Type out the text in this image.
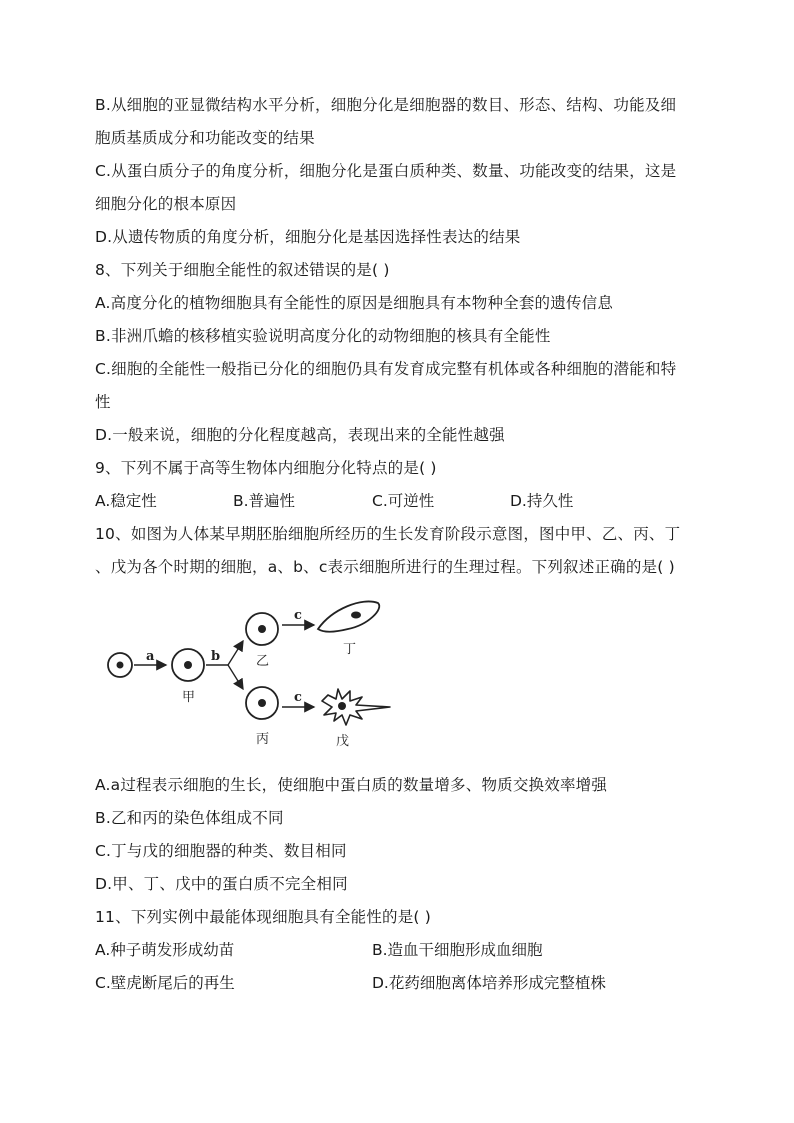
B.从细胞的亚显微结构水平分析，细胞分化是细胞器的数目、形态、结构、功能及细
胞质基质成分和功能改变的结果
C.从蛋白质分子的角度分析，细胞分化是蛋白质种类、数量、功能改变的结果，这是
细胞分化的根本原因
D.从遗传物质的角度分析，细胞分化是基因选择性表达的结果
8、下列关于细胞全能性的叙述错误的是( )
A.高度分化的植物细胞具有全能性的原因是细胞具有本物种全套的遗传信息
B.非洲爪蟾的核移植实验说明高度分化的动物细胞的核具有全能性
C.细胞的全能性一般指已分化的细胞仍具有发育成完整有机体或各种细胞的潜能和特
性
D.一般来说，细胞的分化程度越高，表现出来的全能性越强
9、下列不属于高等生物体内细胞分化特点的是( )
A.稳定性	B.普遍性	C.可逆性	D.持久性
10、如图为人体某早期胚胎细胞所经历的生长发育阶段示意图，图中甲、乙、丙、丁
、戊为各个时期的细胞，a、b、c表示细胞所进行的生理过程。下列叙述正确的是( )
a
甲
b	乙
丙
c
丁
c
戊
A.a过程表示细胞的生长，使细胞中蛋白质的数量增多、物质交换效率增强
B.乙和丙的染色体组成不同
C.丁与戊的细胞器的种类、数目相同
D.甲、丁、戊中的蛋白质不完全相同
11、下列实例中最能体现细胞具有全能性的是( )
A.种子萌发形成幼苗	B.造血干细胞形成血细胞
C.壁虎断尾后的再生	D.花药细胞离体培养形成完整植株
